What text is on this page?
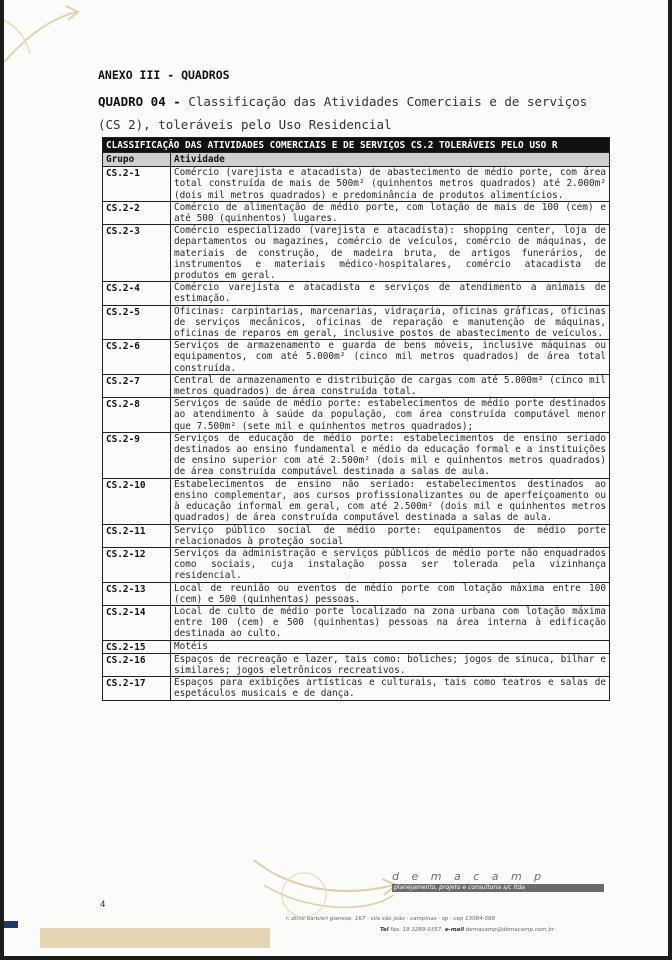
ANEXO III - QUADROS
QUADRO 04 - Classificação das Atividades Comerciais e de serviços
(CS 2), toleráveis pelo Uso Residencial
CLASSIFICAÇÃO DAS ATIVIDADES COMERCIAIS E DE SERVIÇOS CS.2 TOLERÁVEIS PELO USO R	
Grupo	Atividade
CS.2-1	Comércio (varejista e atacadista) de abastecimento de médio porte, com área total construída de mais de 500m² (quinhentos metros quadrados) até 2.000m² (dois mil metros quadrados) e predominância de produtos alimentícios.
CS.2-2	Comércio de alimentação de médio porte, com lotação de mais de 100 (cem) e até 500 (quinhentos) lugares.
CS.2-3	Comércio especializado (varejista e atacadista): shopping center, loja de departamentos ou magazines, comércio de veículos, comércio de máquinas, de materiais de construção, de madeira bruta, de artigos funerários, de instrumentos e materiais médico-hospitalares, comércio atacadista de produtos em geral.
CS.2-4	Comércio varejista e atacadista e serviços de atendimento a animais de estimação.
CS.2-5	Oficinas: carpintarias, marcenarias, vidraçaria, oficinas gráficas, oficinas de serviços mecânicos, oficinas de reparação e manutenção de máquinas, oficinas de reparos em geral, inclusive postos de abastecimento de veículos.
CS.2-6	Serviços de armazenamento e guarda de bens móveis, inclusive máquinas ou equipamentos, com até 5.000m² (cinco mil metros quadrados) de área total construída.
CS.2-7	Central de armazenamento e distribuição de cargas com até 5.000m² (cinco mil metros quadrados) de área construída total.
CS.2-8	Serviços de saúde de médio porte: estabelecimentos de médio porte destinados ao atendimento à saúde da população, com área construída computável menor que 7.500m² (sete mil e quinhentos metros quadrados);
CS.2-9	Serviços de educação de médio porte: estabelecimentos de ensino seriado destinados ao ensino fundamental e médio da educação formal e a instituições de ensino superior com até 2.500m² (dois mil e quinhentos metros quadrados) de área construída computável destinada a salas de aula.
CS.2-10	Estabelecimentos de ensino não seriado: estabelecimentos destinados ao ensino complementar, aos cursos profissionalizantes ou de aperfeiçoamento ou à educação informal em geral, com até 2.500m² (dois mil e quinhentos metros quadrados) de área construída computável destinada a salas de aula.
CS.2-11	Serviço público social de médio porte: equipamentos de médio porte relacionados à proteção social
CS.2-12	Serviços da administração e serviços públicos de médio porte não enquadrados como sociais, cuja instalação possa ser tolerada pela vizinhança residencial.
CS.2-13	Local de reunião ou eventos de médio porte com lotação máxima entre 100 (cem) e 500 (quinhentas) pessoas.
CS.2-14	Local de culto de médio porte localizado na zona urbana com lotação máxima entre 100 (cem) e 500 (quinhentas) pessoas na área interna à edificação destinada ao culto.
CS.2-15	Motéis
CS.2-16	Espaços de recreação e lazer, tais como: boliches; jogos de sinuca, bilhar e similares; jogos eletrônicos recreativos.
CS.2-17	Espaços para exibições artísticas e culturais, tais como teatros e salas de espetáculos musicais e de dança.
4
d e m a c a m p
planejamento, projeto e consultoria s/c ltda
r. dirce barbieri gianese, 167 · vila são joão · campinas · sp · cep 13084-568
Tel fax: 19 3289-0357 e-mail demacamp@demacamp.com.br
